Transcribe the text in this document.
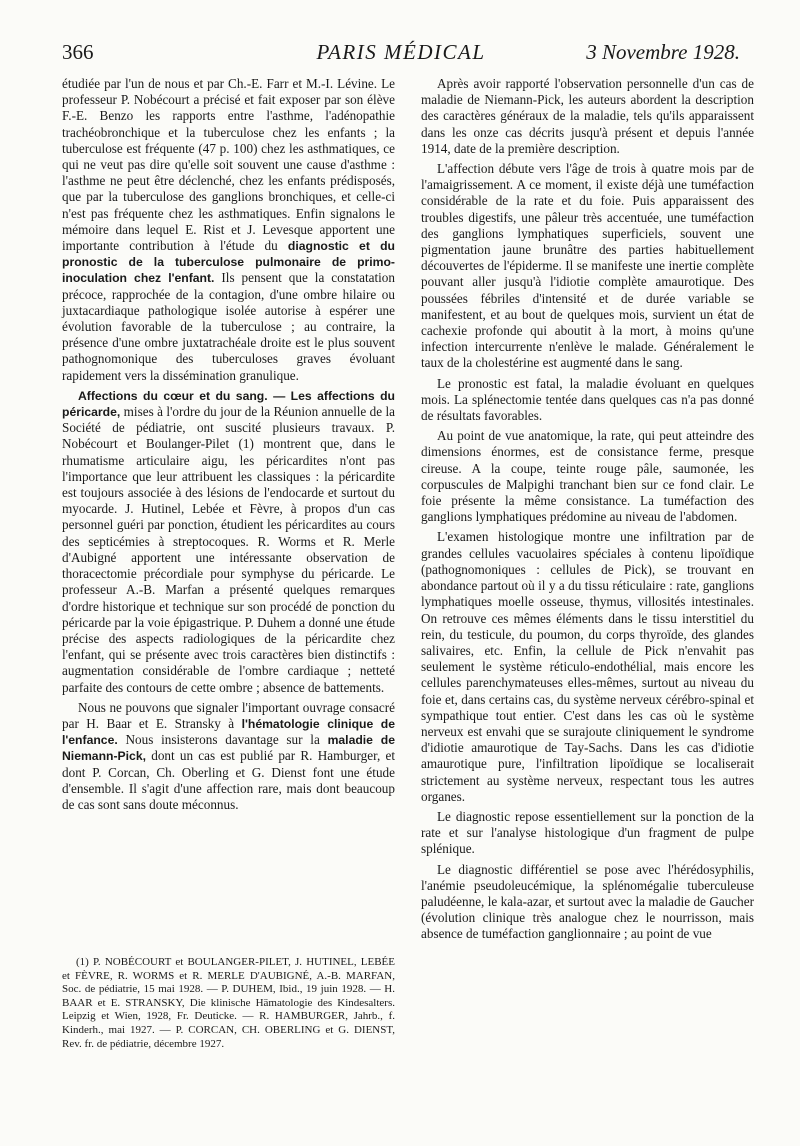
366	PARIS MÉDICAL	3 Novembre 1928.

étudiée par l'un de nous et par Ch.-E. Farr et M.-I. Lévine. Le professeur P. Nobécourt a précisé et fait exposer par son élève F.-E. Benzo les rapports entre l'asthme, l'adénopathie trachéobronchique et la tuberculose chez les enfants ; la tuberculose est fréquente (47 p. 100) chez les asthmatiques, ce qui ne veut pas dire qu'elle soit souvent une cause d'asthme : l'asthme ne peut être déclenché, chez les enfants prédisposés, que par la tuberculose des ganglions bronchiques, et celle-ci n'est pas fréquente chez les asthmatiques. Enfin signalons le mémoire dans lequel E. Rist et J. Levesque apportent une importante contribution à l'étude du diagnostic et du pronostic de la tuberculose pulmonaire de primo-inoculation chez l'enfant. Ils pensent que la constatation précoce, rapprochée de la contagion, d'une ombre hilaire ou juxtacardiaque pathologique isolée autorise à espérer une évolution favorable de la tuberculose ; au contraire, la présence d'une ombre juxtatrachéale droite est le plus souvent pathognomonique des tuberculoses graves évoluant rapidement vers la dissémination granulique.

Affections du cœur et du sang. — Les affections du péricarde, mises à l'ordre du jour de la Réunion annuelle de la Société de pédiatrie, ont suscité plusieurs travaux. P. Nobécourt et Boulanger-Pilet (1) montrent que, dans le rhumatisme articulaire aigu, les péricardites n'ont pas l'importance que leur attribuent les classiques : la péricardite est toujours associée à des lésions de l'endocarde et surtout du myocarde. J. Hutinel, Lebée et Fèvre, à propos d'un cas personnel guéri par ponction, étudient les péricardites au cours des septicémies à streptocoques. R. Worms et R. Merle d'Aubigné apportent une intéressante observation de thoracectomie précordiale pour symphyse du péricarde. Le professeur A.-B. Marfan a présenté quelques remarques d'ordre historique et technique sur son procédé de ponction du péricarde par la voie épigastrique. P. Duhem a donné une étude précise des aspects radiologiques de la péricardite chez l'enfant, qui se présente avec trois caractères bien distinctifs : augmentation considérable de l'ombre cardiaque ; netteté parfaite des contours de cette ombre ; absence de battements.

Nous ne pouvons que signaler l'important ouvrage consacré par H. Baar et E. Stransky à l'hématologie clinique de l'enfance. Nous insisterons davantage sur la maladie de Niemann-Pick, dont un cas est publié par R. Hamburger, et dont P. Corcan, Ch. Oberling et G. Dienst font une étude d'ensemble. Il s'agit d'une affection rare, mais dont beaucoup de cas sont sans doute méconnus.

(1) P. NOBÉCOURT et BOULANGER-PILET, J. HUTINEL, LEBÉE et FÈVRE, R. WORMS et R. MERLE D'AUBIGNÉ, A.-B. MARFAN, Soc. de pédiatrie, 15 mai 1928. — P. DUHEM, Ibid., 19 juin 1928. — H. BAAR et E. STRANSKY, Die klinische Hämatologie des Kindesalters. Leipzig et Wien, 1928, Fr. Deuticke. — R. HAMBURGER, Jahrb., f. Kinderh., mai 1927. — P. CORCAN, CH. OBERLING et G. DIENST, Rev. fr. de pédiatrie, décembre 1927.

Après avoir rapporté l'observation personnelle d'un cas de maladie de Niemann-Pick, les auteurs abordent la description des caractères généraux de la maladie, tels qu'ils apparaissent dans les onze cas décrits jusqu'à présent et depuis l'année 1914, date de la première description.

L'affection débute vers l'âge de trois à quatre mois par de l'amaigrissement. A ce moment, il existe déjà une tuméfaction considérable de la rate et du foie. Puis apparaissent des troubles digestifs, une pâleur très accentuée, une tuméfaction des ganglions lymphatiques superficiels, souvent une pigmentation jaune brunâtre des parties habituellement découvertes de l'épiderme. Il se manifeste une inertie complète pouvant aller jusqu'à l'idiotie complète amaurotique. Des poussées fébriles d'intensité et de durée variable se manifestent, et au bout de quelques mois, survient un état de cachexie profonde qui aboutit à la mort, à moins qu'une infection intercurrente n'enlève le malade. Généralement le taux de la cholestérine est augmenté dans le sang.

Le pronostic est fatal, la maladie évoluant en quelques mois. La splénectomie tentée dans quelques cas n'a pas donné de résultats favorables.

Au point de vue anatomique, la rate, qui peut atteindre des dimensions énormes, est de consistance ferme, presque cireuse. A la coupe, teinte rouge pâle, saumonée, les corpuscules de Malpighi tranchant bien sur ce fond clair. Le foie présente la même consistance. La tuméfaction des ganglions lymphatiques prédomine au niveau de l'abdomen.

L'examen histologique montre une infiltration par de grandes cellules vacuolaires spéciales à contenu lipoïdique (pathognomoniques : cellules de Pick), se trouvant en abondance partout où il y a du tissu réticulaire : rate, ganglions lymphatiques moelle osseuse, thymus, villosités intestinales. On retrouve ces mêmes éléments dans le tissu interstitiel du rein, du testicule, du poumon, du corps thyroïde, des glandes salivaires, etc. Enfin, la cellule de Pick n'envahit pas seulement le système réticulo-endothélial, mais encore les cellules parenchymateuses elles-mêmes, surtout au niveau du foie et, dans certains cas, du système nerveux cérébro-spinal et sympathique tout entier. C'est dans les cas où le système nerveux est envahi que se surajoute cliniquement le syndrome d'idiotie amaurotique de Tay-Sachs. Dans les cas d'idiotie amaurotique pure, l'infiltration lipoïdique se localiserait strictement au système nerveux, respectant tous les autres organes.

Le diagnostic repose essentiellement sur la ponction de la rate et sur l'analyse histologique d'un fragment de pulpe splénique.

Le diagnostic différentiel se pose avec l'hérédosyphilis, l'anémie pseudoleucémique, la splénomégalie tuberculeuse paludéenne, le kala-azar, et surtout avec la maladie de Gaucher (évolution clinique très analogue chez le nourrisson, mais absence de tuméfaction ganglionnaire ; au point de vue
